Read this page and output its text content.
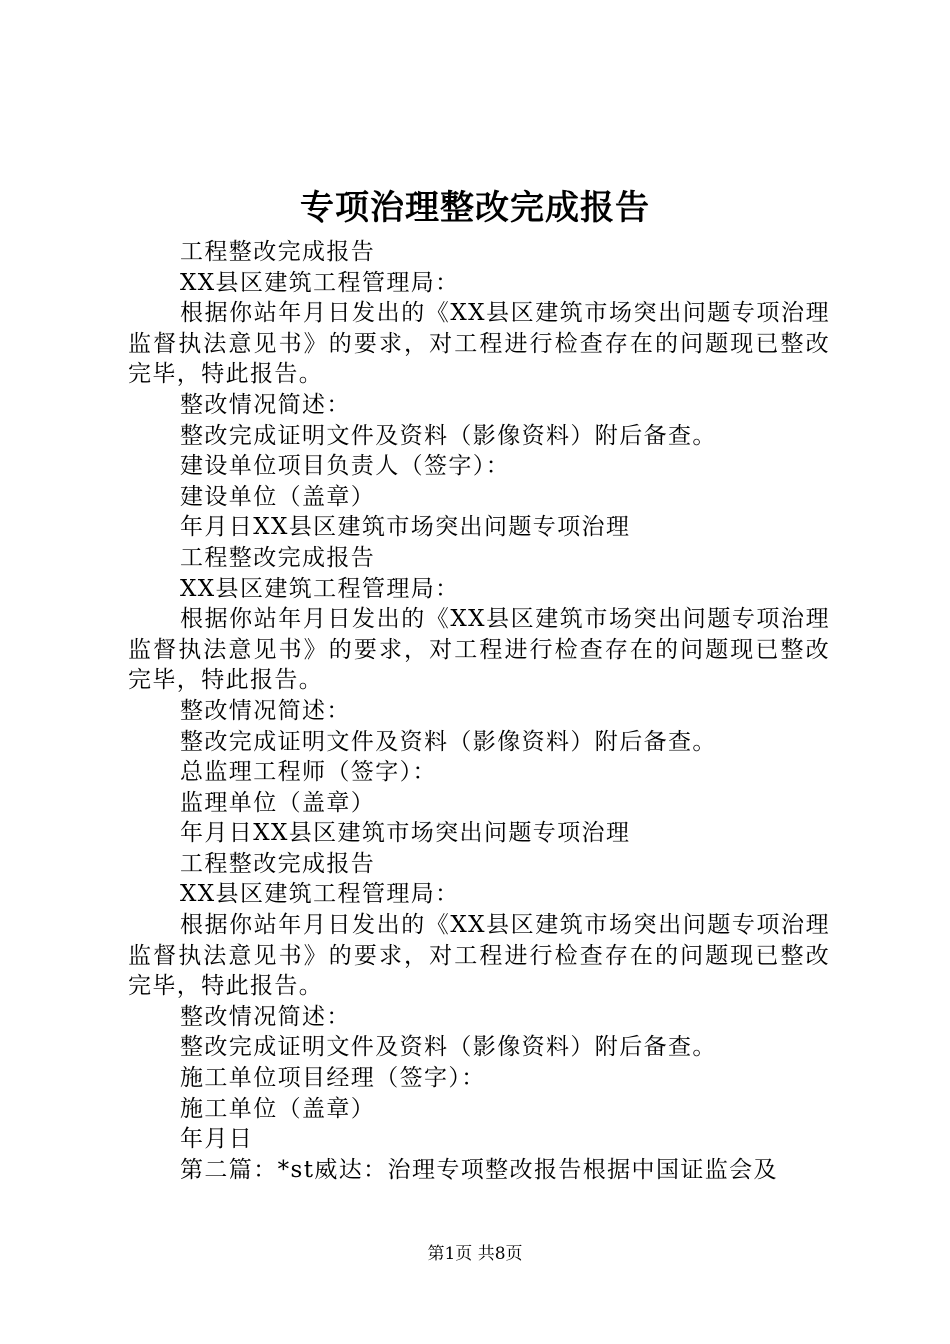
专项治理整改完成报告

工程整改完成报告

XX县区建筑工程管理局：

根据你站年月日发出的《XX县区建筑市场突出问题专项治理监督执法意见书》的要求，对工程进行检查存在的问题现已整改完毕，特此报告。

整改情况简述：

整改完成证明文件及资料（影像资料）附后备查。

建设单位项目负责人（签字）：

建设单位（盖章）

年月日XX县区建筑市场突出问题专项治理

工程整改完成报告

XX县区建筑工程管理局：

根据你站年月日发出的《XX县区建筑市场突出问题专项治理监督执法意见书》的要求，对工程进行检查存在的问题现已整改完毕，特此报告。

整改情况简述：

整改完成证明文件及资料（影像资料）附后备查。

总监理工程师（签字）：

监理单位（盖章）

年月日XX县区建筑市场突出问题专项治理

工程整改完成报告

XX县区建筑工程管理局：

根据你站年月日发出的《XX县区建筑市场突出问题专项治理监督执法意见书》的要求，对工程进行检查存在的问题现已整改完毕，特此报告。

整改情况简述：

整改完成证明文件及资料（影像资料）附后备查。

施工单位项目经理（签字）：

施工单位（盖章）

年月日

第二篇：*st威达：治理专项整改报告根据中国证监会及

第1页 共8页
